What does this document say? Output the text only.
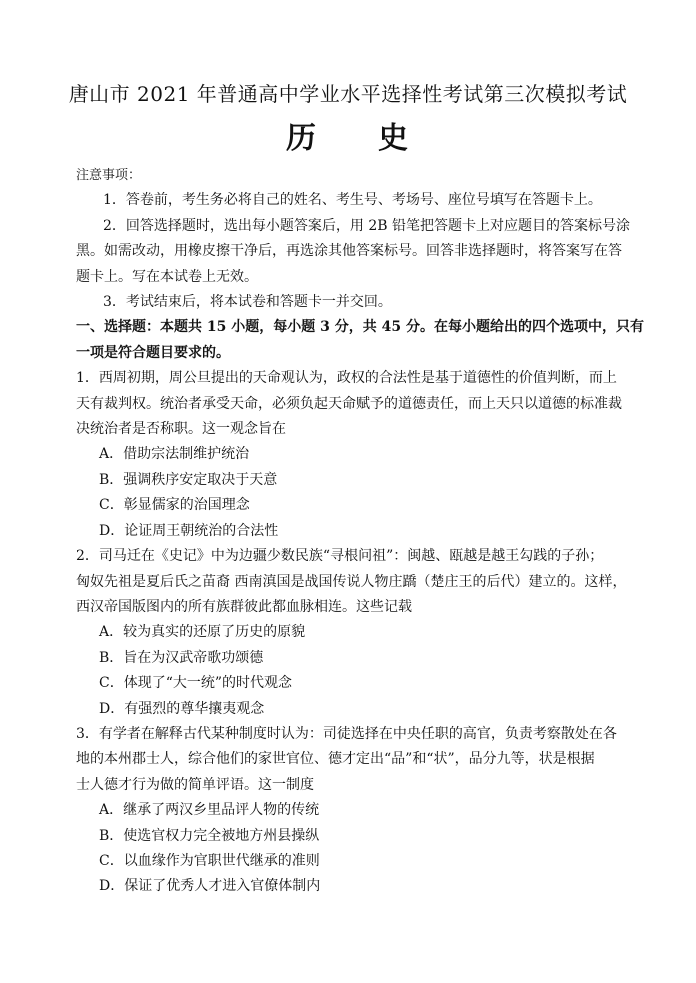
唐山市 2021 年普通高中学业水平选择性考试第三次模拟考试
历 史
注意事项：
1．答卷前，考生务必将自己的姓名、考生号、考场号、座位号填写在答题卡上。
2．回答选择题时，选出每小题答案后，用 2B 铅笔把答题卡上对应题目的答案标号涂
黑。如需改动，用橡皮擦干净后，再选涂其他答案标号。回答非选择题时，将答案写在答
题卡上。写在本试卷上无效。
3．考试结束后，将本试卷和答题卡一并交回。
一、选择题：本题共 15 小题，每小题 3 分，共 45 分。在每小题给出的四个选项中，只有
一项是符合题目要求的。
1．西周初期，周公旦提出的天命观认为，政权的合法性是基于道德性的价值判断，而上
天有裁判权。统治者承受天命，必须负起天命赋予的道德责任，而上天只以道德的标准裁
决统治者是否称职。这一观念旨在
A．借助宗法制维护统治
B．强调秩序安定取决于天意
C．彰显儒家的治国理念
D．论证周王朝统治的合法性
2．司马迁在《史记》中为边疆少数民族“寻根问祖”：闽越、瓯越是越王勾践的子孙；
匈奴先祖是夏后氏之苗裔 西南滇国是战国传说人物庄蹻（楚庄王的后代）建立的。这样，
西汉帝国版图内的所有族群彼此都血脉相连。这些记载
A．较为真实的还原了历史的原貌
B．旨在为汉武帝歌功颂德
C．体现了“大一统”的时代观念
D．有强烈的尊华攘夷观念
3．有学者在解释古代某种制度时认为：司徒选择在中央任职的高官，负责考察散处在各
地的本州郡士人，综合他们的家世官位、德才定出“品”和“状”，品分九等，状是根据
士人德才行为做的简单评语。这一制度
A．继承了两汉乡里品评人物的传统
B．使选官权力完全被地方州县操纵
C．以血缘作为官职世代继承的准则
D．保证了优秀人才进入官僚体制内
